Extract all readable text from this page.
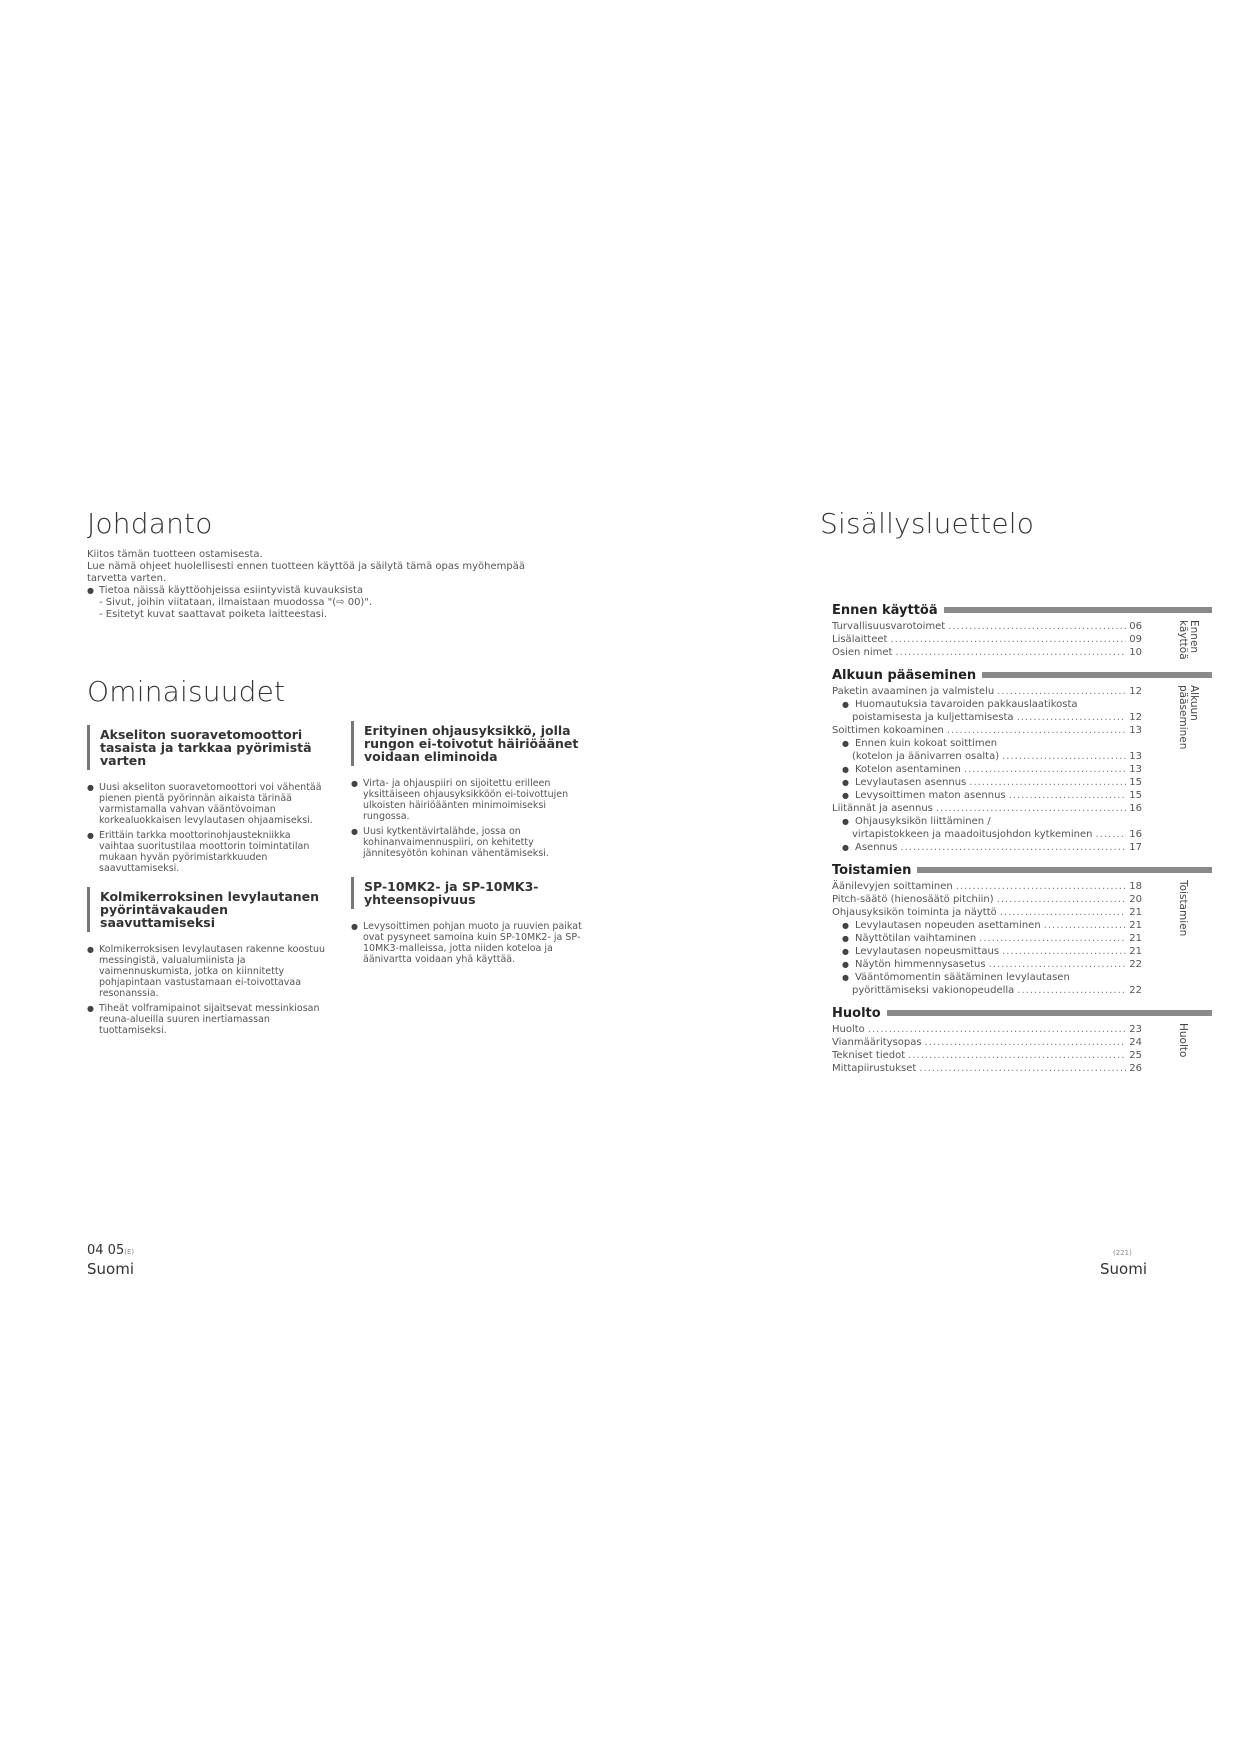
Johdanto

Kiitos tämän tuotteen ostamisesta.

Lue nämä ohjeet huolellisesti ennen tuotteen käyttöä ja säilytä tämä opas myöhempää tarvetta varten.

● Tietoa näissä käyttöohjeissa esiintyvistä kuvauksista

- Sivut, joihin viitataan, ilmaistaan muodossa "(⇨ 00)".

- Esitetyt kuvat saattavat poiketa laitteestasi.

Ominaisuudet
Akseliton suoravetomoottori tasaista ja tarkkaa pyörimistä varten
● Uusi akseliton suoravetomoottori voi vähentää pienen pientä pyörinnän aikaista tärinää varmistamalla vahvan vääntövoiman korkealuokkaisen levylautasen ohjaamiseksi.
● Erittäin tarkka moottorinohjaustekniikka vaihtaa suoritustilaa moottorin toimintatilan mukaan hyvän pyörimistarkkuuden saavuttamiseksi.
Kolmikerroksinen levylautanen pyörintävakauden saavuttamiseksi
● Kolmikerroksisen levylautasen rakenne koostuu messingistä, valualumiinista ja vaimennuskumista, jotka on kiinnitetty pohjapintaan vastustamaan ei-toivottavaa resonanssia.
● Tiheät volframipainot sijaitsevat messinkiosan reuna-alueilla suuren inertiamassan tuottamiseksi.
Erityinen ohjausyksikkö, jolla rungon ei-toivotut häiriöäänet voidaan eliminoida
● Virta- ja ohjauspiiri on sijoitettu erilleen yksittäiseen ohjausyksikköön ei-toivottujen ulkoisten häiriöäänten minimoimiseksi rungossa.
● Uusi kytkentävirtalähde, jossa on kohinanvaimennuspiiri, on kehitetty jännitesyötön kohinan vähentämiseksi.
SP-10MK2- ja SP-10MK3-yhteensopivuus
● Levysoittimen pohjan muoto ja ruuvien paikat ovat pysyneet samoina kuin SP-10MK2- ja SP-10MK3-malleissa, jotta niiden koteloa ja äänivartta voidaan yhä käyttää.
04 05(E)
Suomi
Sisällysluettelo
Ennen käyttöä
Ennen
käyttöä
Turvallisuusvarotoimet .....	06
Lisälaitteet .....	09
Osien nimet .....	10
Alkuun pääseminen
Alkuun
pääseminen
Paketin avaaminen ja valmistelu .....	12
● Huomautuksia tavaroiden pakkauslaatikosta
poistamisesta ja kuljettamisesta .....	12
Soittimen kokoaminen .....	13
● Ennen kuin kokoat soittimen
(kotelon ja äänivarren osalta) .....	13
● Kotelon asentaminen .....	13
● Levylautasen asennus .....	15
● Levysoittimen maton asennus .....	15
Liitännät ja asennus .....	16
● Ohjausyksikön liittäminen /
virtapistokkeen ja maadoitusjohdon kytkeminen .....	16
● Asennus .....	17
Toistamien
Toistamien
Äänilevyjen soittaminen .....	18
Pitch-säätö (hienosäätö pitchiin) .....	20
Ohjausyksikön toiminta ja näyttö .....	21
● Levylautasen nopeuden asettaminen .....	21
● Näyttötilan vaihtaminen .....	21
● Levylautasen nopeusmittaus .....	21
● Näytön himmennysasetus .....	22
● Vääntömomentin säätäminen levylautasen
pyörittämiseksi vakionopeudella .....	22
Huolto
Huolto
Huolto .....	23
Vianmääritysopas .....	24
Tekniset tiedot .....	25
Mittapiirustukset .....	26
(221)
Suomi
